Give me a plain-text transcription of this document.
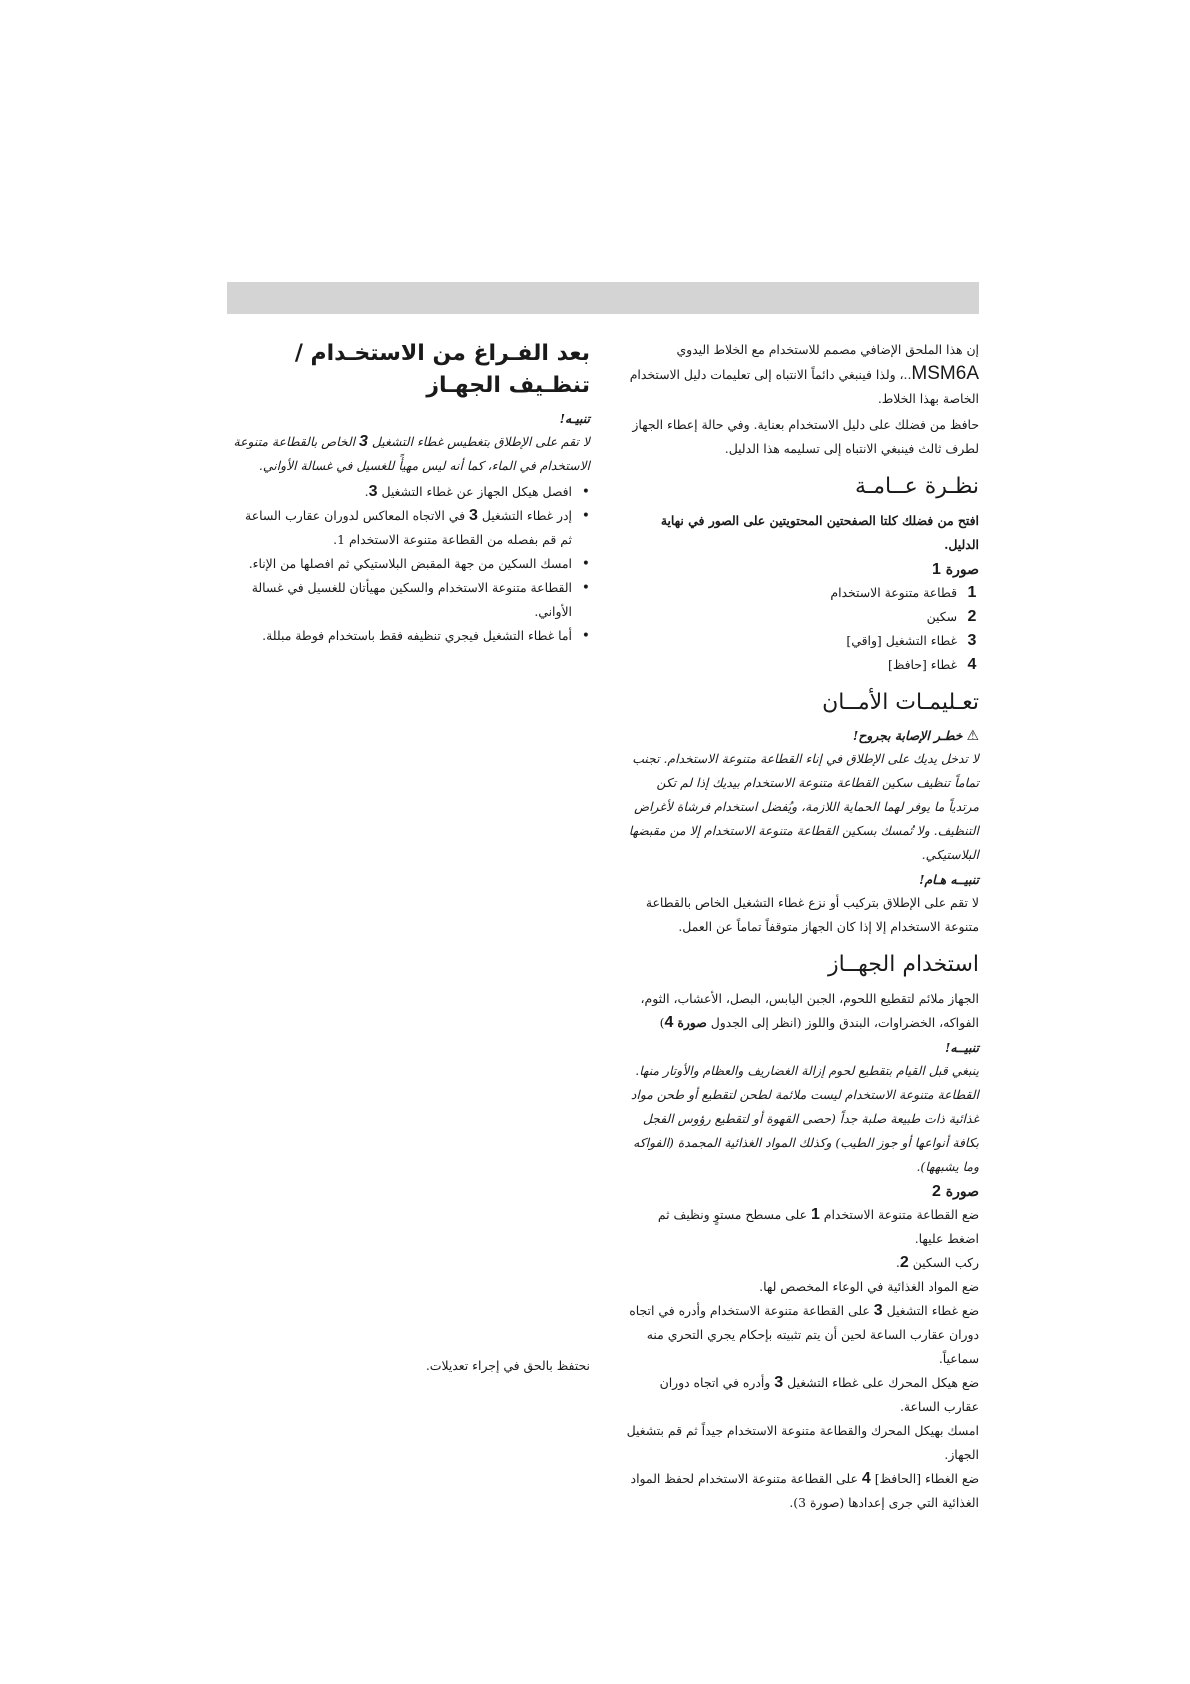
إن هذا الملحق الإضافي مصمم للاستخدام مع الخلاط اليدوي
MSM6A..، ولذا فينبغي دائماً الانتباه إلى تعليمات دليل الاستخدام الخاصة بهذا الخلاط.

حافظ من فضلك على دليل الاستخدام بعناية. وفي حالة إعطاء الجهاز لطرف ثالث فينبغي الانتباه إلى تسليمه هذا الدليل.

نظـرة عــامـة

افتح من فضلك كلتا الصفحتين المحتويتين على الصور في نهاية الدليل.

صورة 1

1
قطاعة متنوعة الاستخدام
2
سكين
3
غطاء التشغيل [واقي]
4
غطاء [حافظ]
تعـليمـات الأمــان

⚠خطـر الإصابة بجروح!

لا تدخل يديك على الإطلاق في إناء القطاعة متنوعة الاستخدام. تجنب تماماً تنظيف سكين القطاعة متنوعة الاستخدام بيديك إذا لم تكن مرتدياً ما يوفر لهما الحماية اللازمة، ويُفضل استخدام فرشاة لأغراض التنظيف. ولا تُمسك بسكين القطاعة متنوعة الاستخدام إلا من مقبضها البلاستيكي.

تنبيــه هـام!

لا تقم على الإطلاق بتركيب أو نزع غطاء التشغيل الخاص بالقطاعة متنوعة الاستخدام إلا إذا كان الجهاز متوقفاً تماماً عن العمل.

استخدام الجهــاز

الجهاز ملائم لتقطيع اللحوم، الجبن اليابس، البصل، الأعشاب، الثوم، الفواكه، الخضراوات، البندق واللوز (انظر إلى الجدول صورة 4)

تنبيــه!

ينبغي قبل القيام بتقطيع لحوم إزالة الغضاريف والعظام والأوتار منها. القطاعة متنوعة الاستخدام ليست ملائمة لطحن لتقطيع أو طحن مواد غذائية ذات طبيعة صلبة جداً (حصى القهوة أو لتقطيع رؤوس الفجل بكافة أنواعها أو جوز الطيب) وكذلك المواد الغذائية المجمدة (الفواكه وما يشبهها).

صورة 2

ضع القطاعة متنوعة الاستخدام 1 على مسطح مستوٍ ونظيف ثم اضغط عليها.

ركب السكين 2.

ضع المواد الغذائية في الوعاء المخصص لها.

ضع غطاء التشغيل 3 على القطاعة متنوعة الاستخدام وأدره في اتجاه دوران عقارب الساعة لحين أن يتم تثبيته بإحكام يجري التحري منه سماعياً.

ضع هيكل المحرك على غطاء التشغيل 3 وأدره في اتجاه دوران عقارب الساعة.

امسك بهيكل المحرك والقطاعة متنوعة الاستخدام جيداً ثم قم بتشغيل الجهاز.

ضع الغطاء [الحافظ] 4 على القطاعة متنوعة الاستخدام لحفظ المواد الغذائية التي جرى إعدادها (صورة 3).

بعد الفـراغ من الاستخـدام / تنظـيف الجهـاز

تنبيـه!

لا تقم على الإطلاق بتغطيس غطاء التشغيل 3 الخاص بالقطاعة متنوعة الاستخدام في الماء، كما أنه ليس مهيأً للغسيل في غسالة الأواني.

• افصل هيكل الجهاز عن غطاء التشغيل 3.
• إدر غطاء التشغيل 3 في الاتجاه المعاكس لدوران عقارب الساعة ثم قم بفصله من القطاعة متنوعة الاستخدام 1.
• امسك السكين من جهة المقبض البلاستيكي ثم افصلها من الإناء.
• القطاعة متنوعة الاستخدام والسكين مهيأتان للغسيل في غسالة الأواني.
• أما غطاء التشغيل فيجري تنظيفه فقط باستخدام فوطة مبللة.
نحتفظ بالحق في إجراء تعديلات.
